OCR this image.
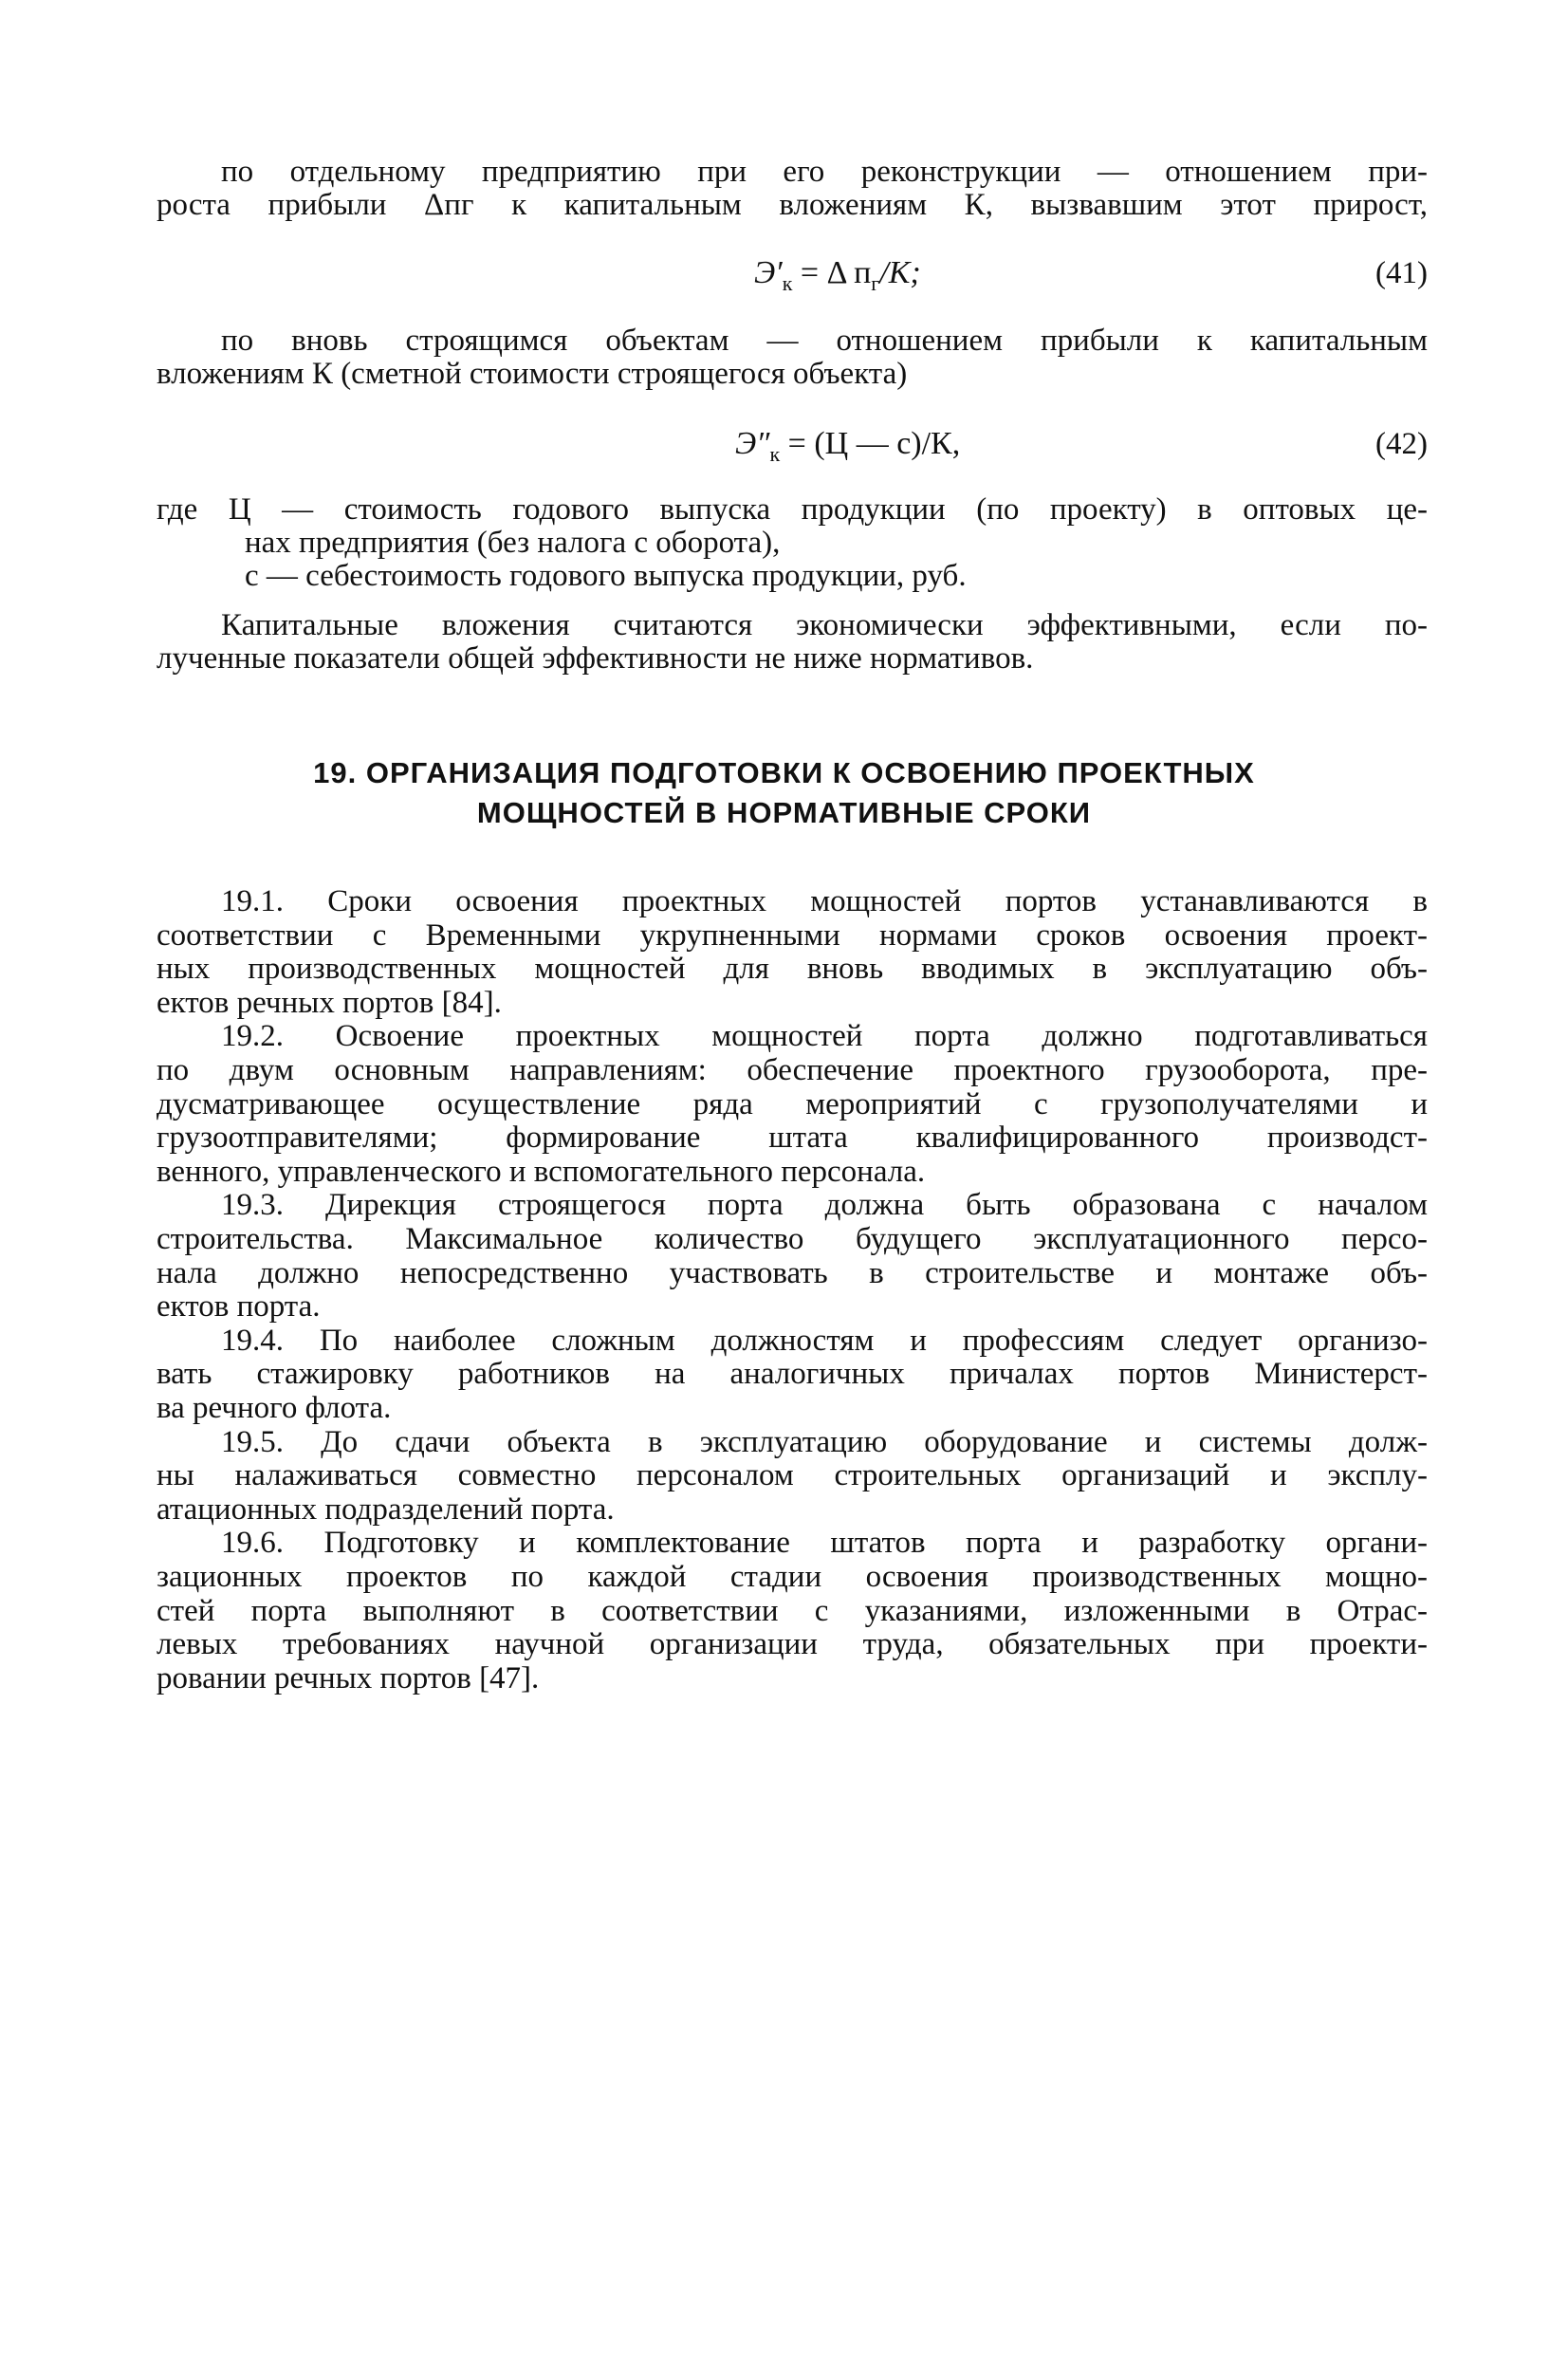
$Э'_к = \Delta$ $п_г/К$;	(41)
$Э''_к = (Ц$ — с)/К,	(42)
19. ОРГАНИЗАЦИЯ ПОДГОТОВКИ К ОСВОЕНИЮ ПРОЕКТНЫХ
МОЩНОСТЕЙ В НОРМАТИВНЫЕ СРОКИ
по отдельному предприятию при его реконструкции — отношением при-
роста прибыли Δпг к капитальным вложениям К, вызвавшим этот прирост,
по вновь строящимся объектам — отношением прибыли к капитальным
вложениям К (сметной стоимости строящегося объекта)
где Ц — стоимость годового выпуска продукции (по проекту) в оптовых це-
нах предприятия (без налога с оборота),
с — себестоимость годового выпуска продукции, руб.
Капитальные вложения считаются экономически эффективными, если по-
лученные показатели общей эффективности не ниже нормативов.
19.1. Сроки освоения проектных мощностей портов устанавливаются в
соответствии с Временными укрупненными нормами сроков освоения проект-
ных производственных мощностей для вновь вводимых в эксплуатацию объ-
ектов речных портов [84].
19.2. Освоение проектных мощностей порта должно подготавливаться
по двум основным направлениям: обеспечение проектного грузооборота, пре-
дусматривающее осуществление ряда мероприятий с грузополучателями и
грузоотправителями; формирование штата квалифицированного производст-
венного, управленческого и вспомогательного персонала.
19.3. Дирекция строящегося порта должна быть образована с началом
строительства. Максимальное количество будущего эксплуатационного персо-
нала должно непосредственно участвовать в строительстве и монтаже объ-
ектов порта.
19.4. По наиболее сложным должностям и профессиям следует организо-
вать стажировку работников на аналогичных причалах портов Министерст-
ва речного флота.
19.5. До сдачи объекта в эксплуатацию оборудование и системы долж-
ны налаживаться совместно персоналом строительных организаций и эксплу-
атационных подразделений порта.
19.6. Подготовку и комплектование штатов порта и разработку органи-
зационных проектов по каждой стадии освоения производственных мощно-
стей порта выполняют в соответствии с указаниями, изложенными в Отрас-
левых требованиях научной организации труда, обязательных при проекти-
ровании речных портов [47].
